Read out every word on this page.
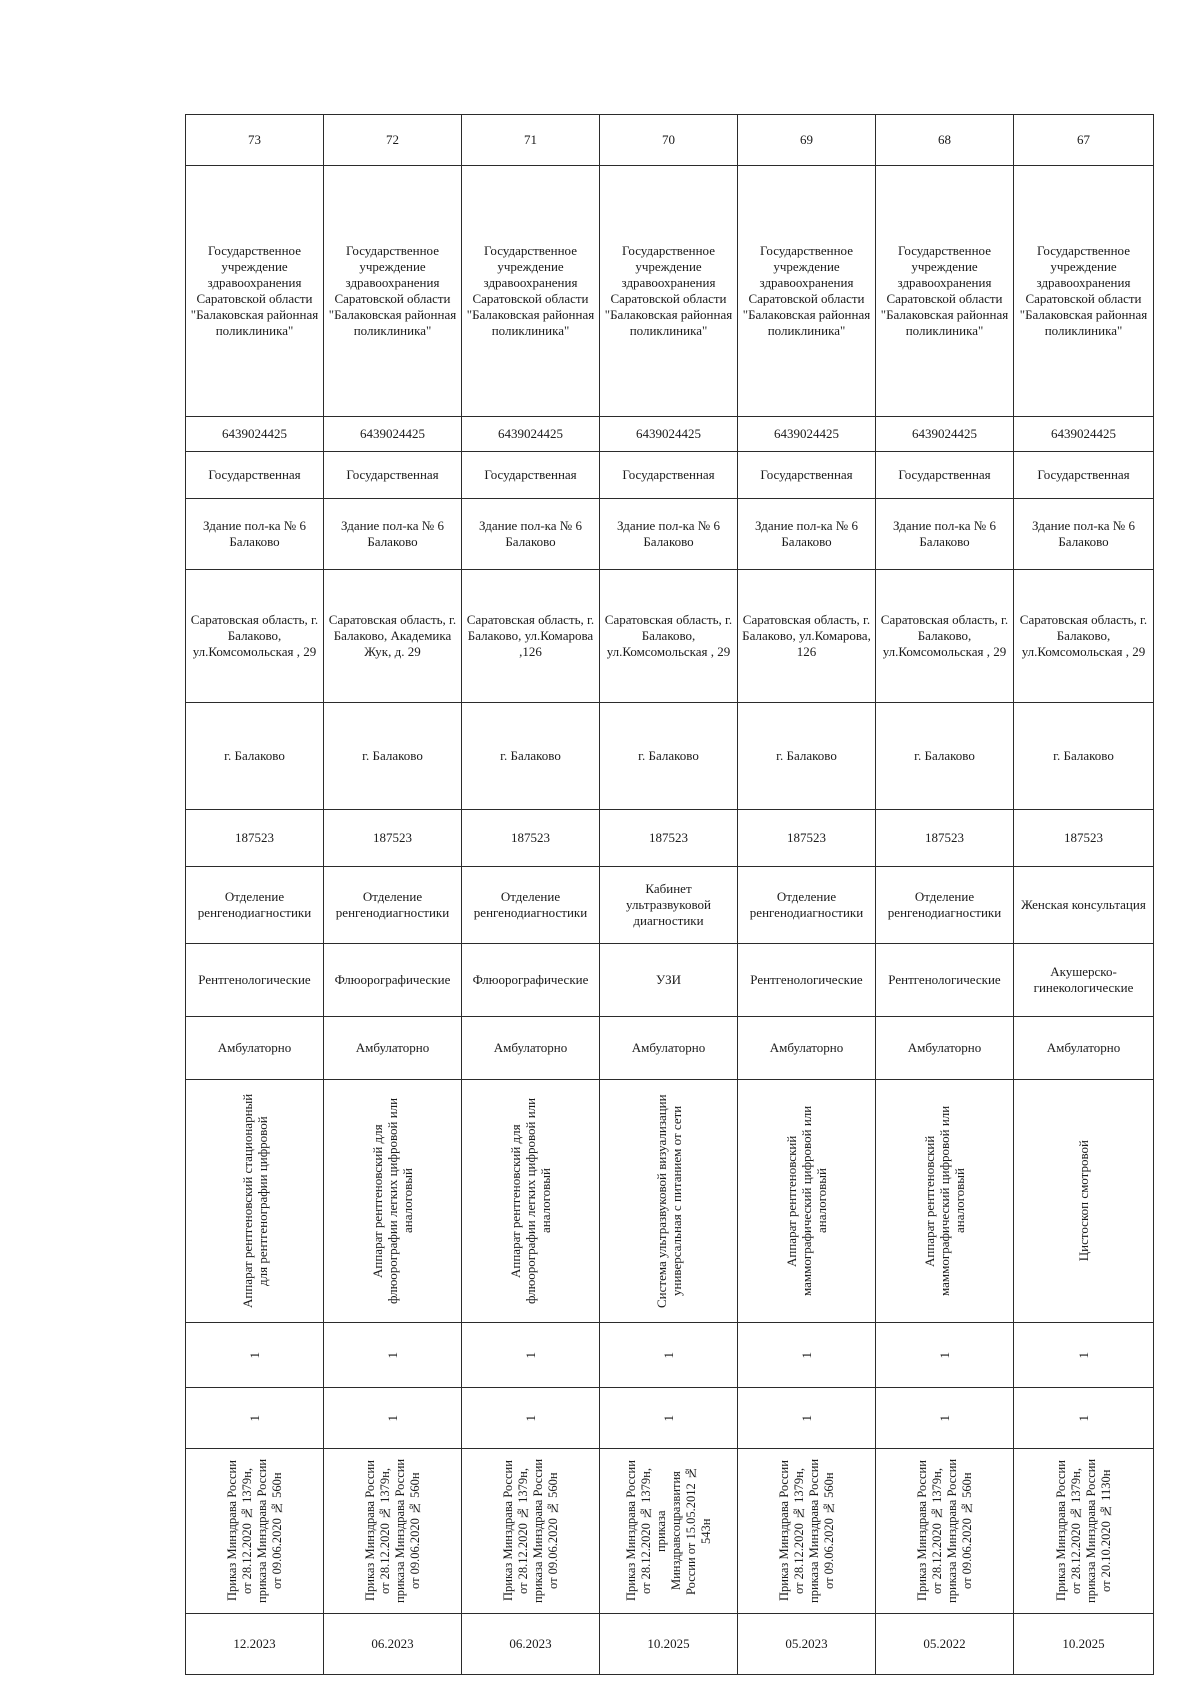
73	72	71	70	69	68	67
Государственное учреждение здравоохранения Саратовской области "Балаковская районная поликлиника"	Государственное учреждение здравоохранения Саратовской области "Балаковская районная поликлиника"	Государственное учреждение здравоохранения Саратовской области "Балаковская районная поликлиника"	Государственное учреждение здравоохранения Саратовской области "Балаковская районная поликлиника"	Государственное учреждение здравоохранения Саратовской области "Балаковская районная поликлиника"	Государственное учреждение здравоохранения Саратовской области "Балаковская районная поликлиника"	Государственное учреждение здравоохранения Саратовской области "Балаковская районная поликлиника"
6439024425	6439024425	6439024425	6439024425	6439024425	6439024425	6439024425
Государственная	Государственная	Государственная	Государственная	Государственная	Государственная	Государственная
Здание пол-ка № 6 Балаково	Здание пол-ка № 6 Балаково	Здание пол-ка № 6 Балаково	Здание пол-ка № 6 Балаково	Здание пол-ка № 6 Балаково	Здание пол-ка № 6 Балаково	Здание пол-ка № 6 Балаково
Саратовская область, г. Балаково, ул.Комсомольская , 29	Саратовская область, г. Балаково, Академика Жук, д. 29	Саратовская область, г. Балаково, ул.Комарова ,126	Саратовская область, г. Балаково, ул.Комсомольская , 29	Саратовская область, г. Балаково, ул.Комарова, 126	Саратовская область, г. Балаково, ул.Комсомольская , 29	Саратовская область, г. Балаково, ул.Комсомольская , 29
г. Балаково	г. Балаково	г. Балаково	г. Балаково	г. Балаково	г. Балаково	г. Балаково
187523	187523	187523	187523	187523	187523	187523
Отделение ренгенодиагностики	Отделение ренгенодиагностики	Отделение ренгенодиагностики	Кабинет ультразвуковой диагностики	Отделение ренгенодиагностики	Отделение ренгенодиагностики	Женская консультация
Рентгенологические	Флюорографические	Флюорографические	УЗИ	Рентгенологические	Рентгенологические	Акушерско-гинекологические
Амбулаторно	Амбулаторно	Амбулаторно	Амбулаторно	Амбулаторно	Амбулаторно	Амбулаторно

Аппарат рентгеновский стационарный для рентгенографии цифровой	Аппарат рентгеновский для флюорографии легких цифровой или аналоговый	Аппарат рентгеновский для флюорографии легких цифровой или аналоговый	Система ультразвуковой визуализации универсальная с питанием от сети	Аппарат рентгеновский маммографический цифровой или аналоговый	Аппарат рентгеновский маммографический цифровой или аналоговый	Цистоскоп смотровой

1	1	1	1	1	1	1

1	1	1	1	1	1	1

Приказ Минздрава России от 28.12.2020 № 1379н, приказа Минздрава России от 09.06.2020 № 560н	Приказ Минздрава России от 28.12.2020 № 1379н, приказа Минздрава России от 09.06.2020 № 560н	Приказ Минздрава России от 28.12.2020 № 1379н, приказа Минздрава России от 09.06.2020 № 560н	Приказ Минздрава России от 28.12.2020 № 1379н, приказа Минздравсоцразвития России от 15.05.2012 № 543н	Приказ Минздрава России от 28.12.2020 № 1379н, приказа Минздрава России от 09.06.2020 № 560н	Приказ Минздрава России от 28.12.2020 № 1379н, приказа Минздрава России от 09.06.2020 № 560н	Приказ Минздрава России от 28.12.2020 № 1379н, приказа Минздрава России от 20.10.2020 № 1130н

12.2023	06.2023	06.2023	10.2025	05.2023	05.2022	10.2025
